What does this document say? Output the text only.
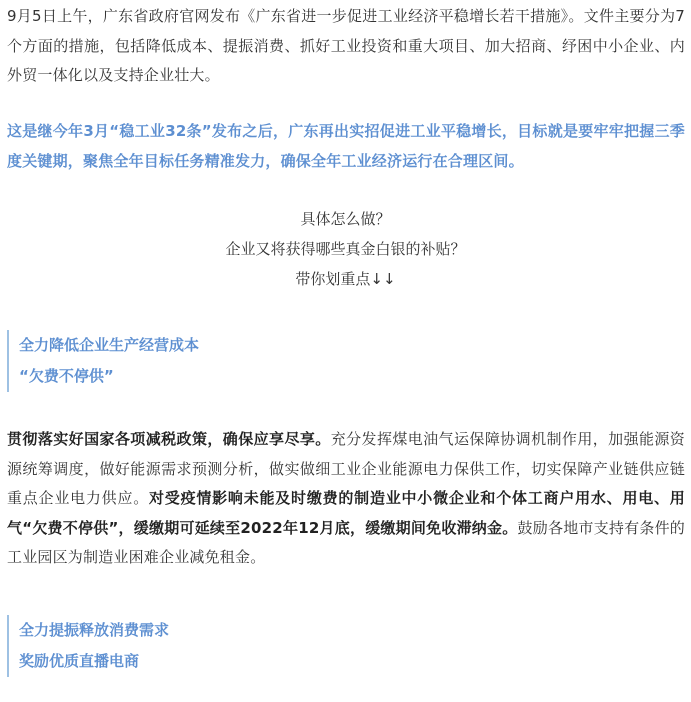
9月5日上午，广东省政府官网发布《广东省进一步促进工业经济平稳增长若干措施》。文件主要分为7个方面的措施，包括降低成本、提振消费、抓好工业投资和重大项目、加大招商、纾困中小企业、内外贸一体化以及支持企业壮大。

这是继今年3月“稳工业32条”发布之后，广东再出实招促进工业平稳增长，目标就是要牢牢把握三季度关键期，聚焦全年目标任务精准发力，确保全年工业经济运行在合理区间。

具体怎么做？
企业又将获得哪些真金白银的补贴？
带你划重点↓↓
全力降低企业生产经营成本
“欠费不停供”

贯彻落实好国家各项减税政策，确保应享尽享。充分发挥煤电油气运保障协调机制作用，加强能源资源统筹调度，做好能源需求预测分析，做实做细工业企业能源电力保供工作，切实保障产业链供应链重点企业电力供应。对受疫情影响未能及时缴费的制造业中小微企业和个体工商户用水、用电、用气“欠费不停供”，缓缴期可延续至2022年12月底，缓缴期间免收滞纳金。鼓励各地市支持有条件的工业园区为制造业困难企业减免租金。

全力提振释放消费需求
奖励优质直播电商
